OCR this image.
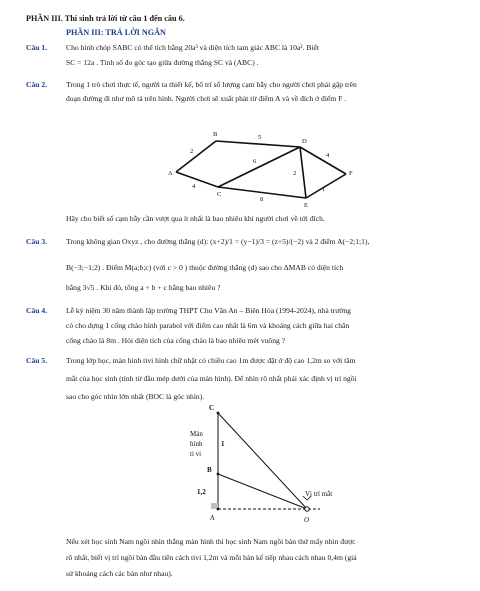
PHẦN III. Thí sinh trả lời từ câu 1 đến câu 6.
PHẦN III: TRẢ LỜI NGẮN
Câu 1. Cho hình chóp SABC có thể tích bằng 20a³ và diện tích tam giác ABC là 10a². Biết
SC = 12a . Tính số đo góc tạo giữa đường thẳng SC và (ABC) .
Câu 2. Trong 1 trò chơi thực tế, người ta thiết kế, bố trí số lượng cạm bẫy cho người chơi phải gặp trên
đoạn đường đi như mô tả trên hình. Người chơi sẽ xuất phát từ điểm A và về đích ở điểm F .
A
B
C
D
E
F
2
5
4
6
8
2
4
1
Hãy cho biết số cạm bẫy cần vượt qua ít nhất là bao nhiêu khi người chơi về tới đích.
Câu 3. Trong không gian Oxyz , cho đường thẳng (d): (x+2)/1 = (y−1)/3 = (z+5)/(−2) và 2 điểm A(−2;1;1),
B(−3;−1;2) . Điểm M(a;b;c) (với c > 0 ) thuộc đường thẳng (d) sao cho ΔMAB có diện tích
bằng 3√5 . Khi đó, tổng a + b + c bằng bao nhiêu ?
Câu 4. Lễ kỷ niệm 30 năm thành lập trường THPT Chu Văn An – Biên Hòa (1994-2024), nhà trường
có cho dựng 1 cổng chào hình parabol với điểm cao nhất là 6m và khoảng cách giữa hai chân
cổng chào là 8m . Hỏi diện tích của cổng chào là bao nhiêu mét vuông ?
Câu 5. Trong lớp học, màn hình tivi hình chữ nhật có chiều cao 1m được đặt ở độ cao 1,2m so với tầm
mắt của học sinh (tính từ đầu mép dưới của màn hình). Để nhìn rõ nhất phải xác định vị trí ngồi
sao cho góc nhìn lớn nhất (BOC là góc nhìn).
Màn
hình
ti vi
C
B
1
1,2
A	O
Vị trí mắt
Nếu xét học sinh Nam ngồi nhìn thẳng màn hình thì học sinh Nam ngồi bàn thứ mấy nhìn được
rõ nhất, biết vị trí ngồi bàn đầu tiên cách tivi 1,2m và mỗi bàn kế tiếp nhau cách nhau 0,4m (giả
sử khoảng cách các bàn như nhau).
